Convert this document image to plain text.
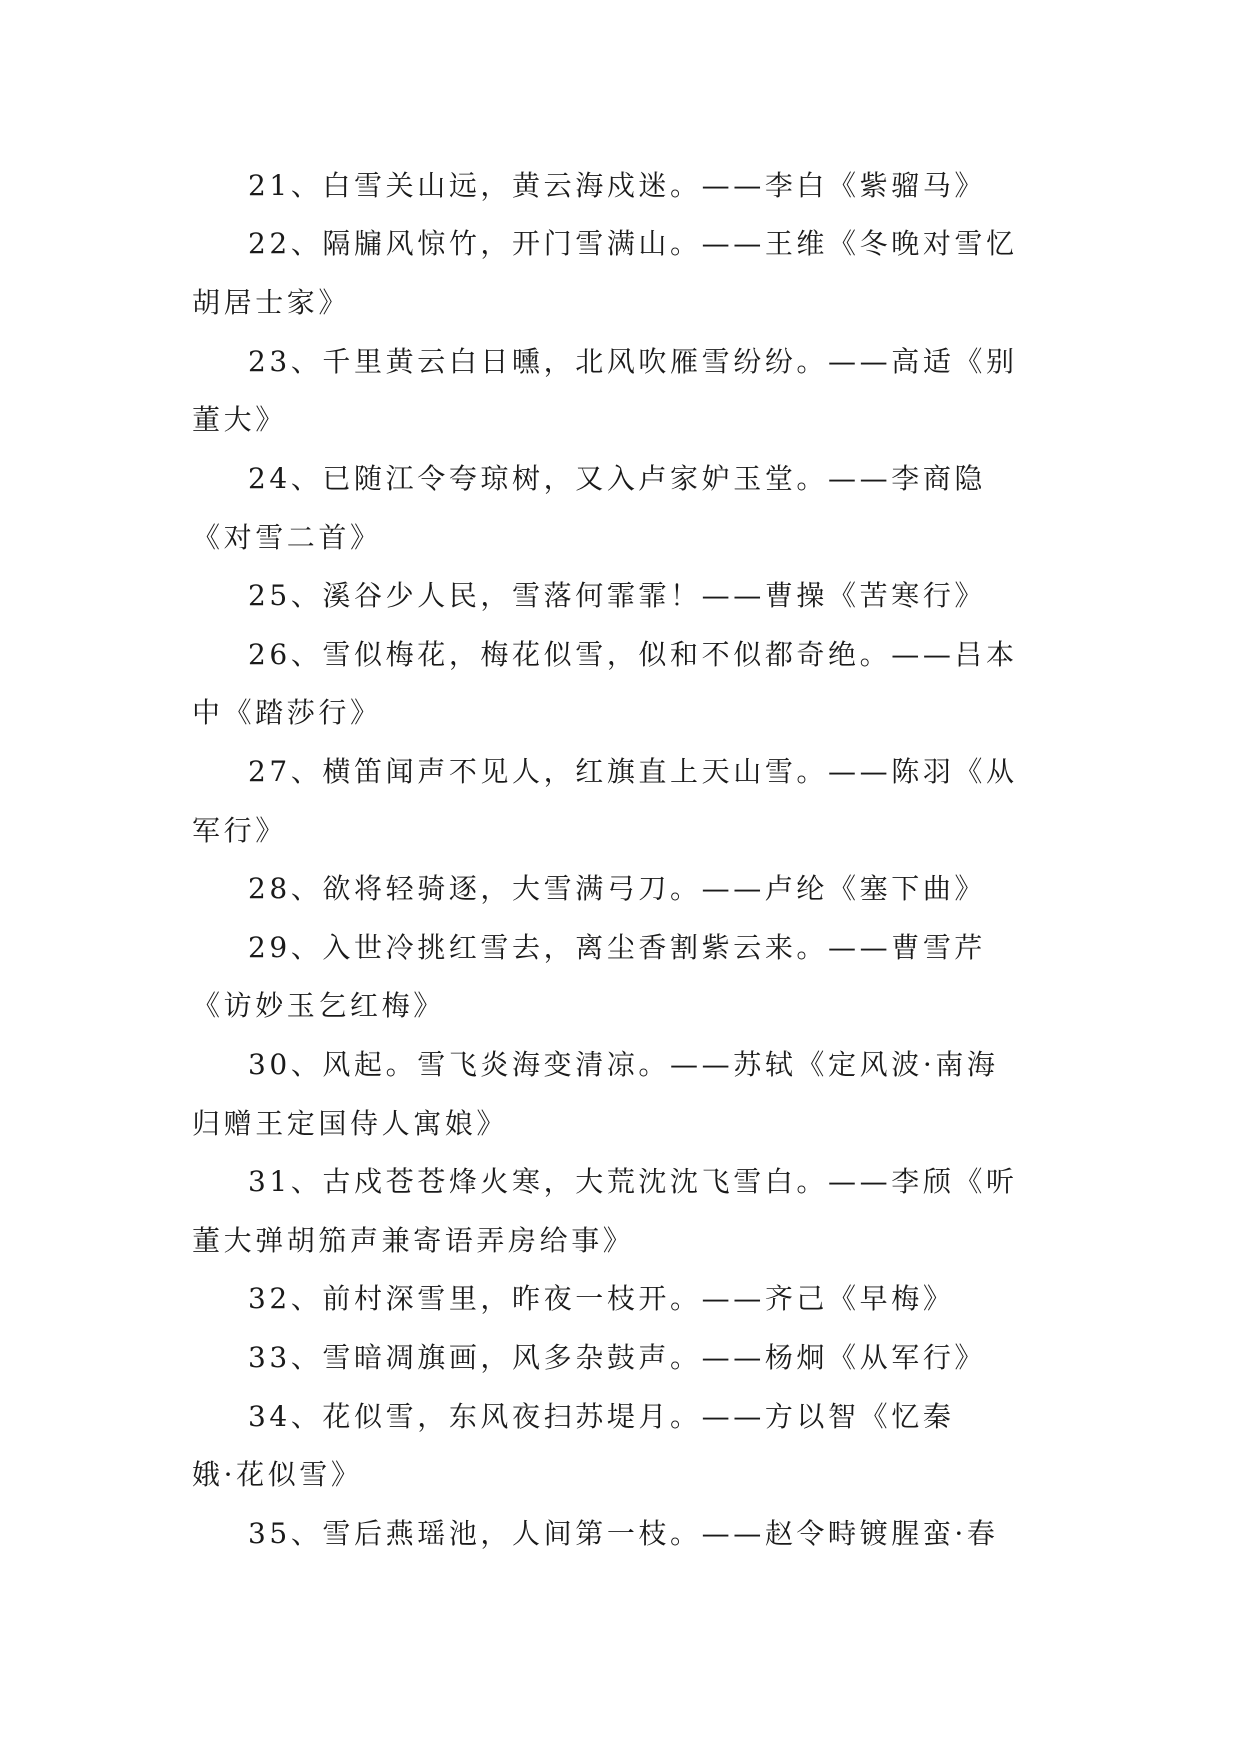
21、白雪关山远，黄云海戍迷。——李白《紫骝马》
22、隔牖风惊竹，开门雪满山。——王维《冬晚对雪忆
胡居士家》
23、千里黄云白日曛，北风吹雁雪纷纷。——高适《别
董大》
24、已随江令夸琼树，又入卢家妒玉堂。——李商隐
《对雪二首》
25、溪谷少人民，雪落何霏霏！——曹操《苦寒行》
26、雪似梅花，梅花似雪，似和不似都奇绝。——吕本
中《踏莎行》
27、横笛闻声不见人，红旗直上天山雪。——陈羽《从
军行》
28、欲将轻骑逐，大雪满弓刀。——卢纶《塞下曲》
29、入世冷挑红雪去，离尘香割紫云来。——曹雪芹
《访妙玉乞红梅》
30、风起。雪飞炎海变清凉。——苏轼《定风波·南海
归赠王定国侍人寓娘》
31、古戍苍苍烽火寒，大荒沈沈飞雪白。——李颀《听
董大弹胡笳声兼寄语弄房给事》
32、前村深雪里，昨夜一枝开。——齐己《早梅》
33、雪暗凋旗画，风多杂鼓声。——杨炯《从军行》
34、花似雪，东风夜扫苏堤月。——方以智《忆秦
娥·花似雪》
35、雪后燕瑶池，人间第一枝。——赵令畤镀腥蛮·春
